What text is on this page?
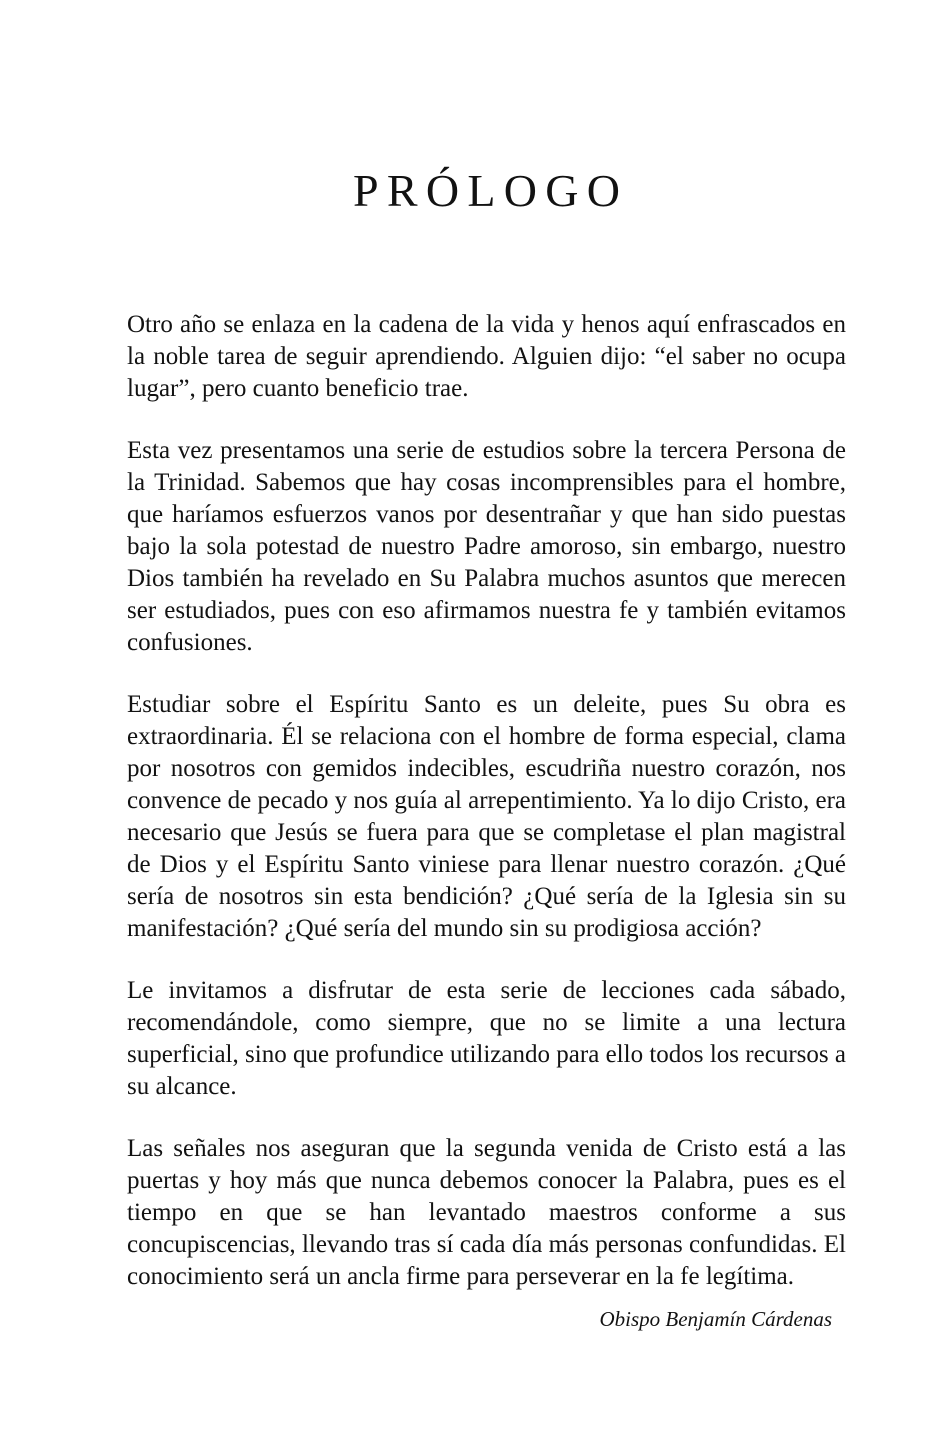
PRÓLOGO

Otro año se enlaza en la cadena de la vida y henos aquí enfrascados en la noble tarea de seguir aprendiendo. Alguien dijo: “el saber no ocupa lugar”, pero cuanto beneficio trae.

Esta vez presentamos una serie de estudios sobre la tercera Persona de la Trinidad. Sabemos que hay cosas incomprensibles para el hombre, que haríamos esfuerzos vanos por desentrañar y que han sido puestas bajo la sola potestad de nuestro Padre amoroso, sin embargo, nuestro Dios también ha revelado en Su Palabra muchos asuntos que merecen ser estudiados, pues con eso afirmamos nuestra fe y también evitamos confusiones.

Estudiar sobre el Espíritu Santo es un deleite, pues Su obra es extraordinaria. Él se relaciona con el hombre de forma especial, clama por nosotros con gemidos indecibles, escudriña nuestro corazón, nos convence de pecado y nos guía al arrepentimiento. Ya lo dijo Cristo, era necesario que Jesús se fuera para que se completase el plan magistral de Dios y el Espíritu Santo viniese para llenar nuestro corazón. ¿Qué sería de nosotros sin esta bendición? ¿Qué sería de la Iglesia sin su manifestación? ¿Qué sería del mundo sin su prodigiosa acción?

Le invitamos a disfrutar de esta serie de lecciones cada sábado, recomendándole, como siempre, que no se limite a una lectura superficial, sino que profundice utilizando para ello todos los recursos a su alcance.

Las señales nos aseguran que la segunda venida de Cristo está a las puertas y hoy más que nunca debemos conocer la Palabra, pues es el tiempo en que se han levantado maestros conforme a sus concupiscencias, llevando tras sí cada día más personas confundidas. El conocimiento será un ancla firme para perseverar en la fe legítima.

Obispo Benjamín Cárdenas
